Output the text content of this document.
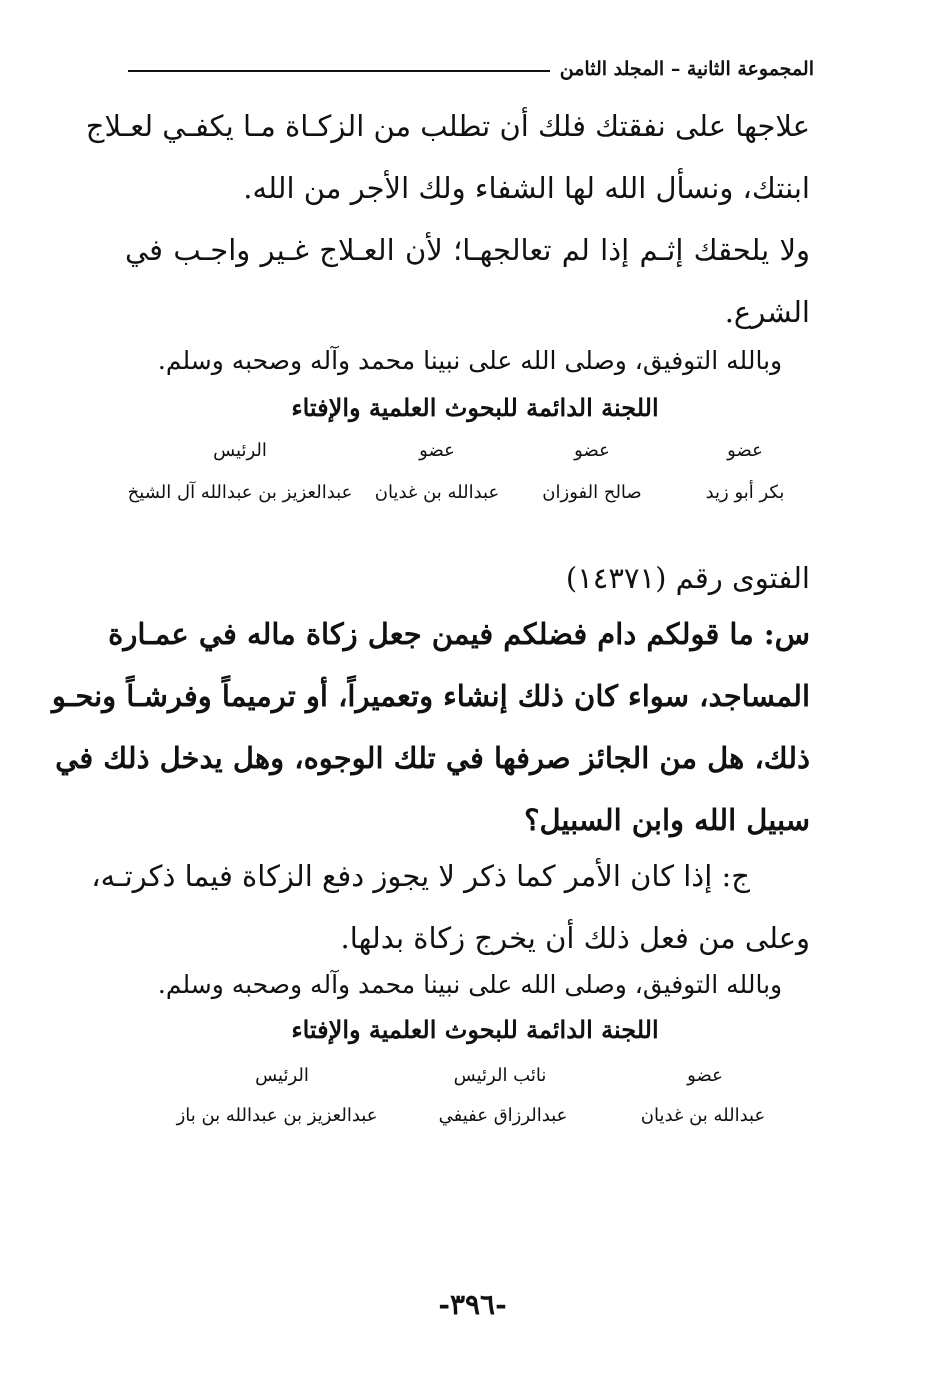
المجموعة الثانية – المجلد الثامن
علاجها على نفقتك فلك أن تطلب من الزكـاة مـا يكفـي لعـلاج
ابنتك، ونسأل الله لها الشفاء ولك الأجر من الله.
ولا يلحقك إثـم إذا لم تعالجهـا؛ لأن العـلاج غـير واجـب في
الشرع.
وبالله التوفيق، وصلى الله على نبينا محمد وآله وصحبه وسلم.
اللجنة الدائمة للبحوث العلمية والإفتاء
عضو
عضو
عضو
الرئيس
بكر أبو زيد
صالح الفوزان
عبدالله بن غديان
عبدالعزيز بن عبدالله آل الشيخ
الفتوى رقم (١٤٣٧١)
س: ما قولكم دام فضلكم فيمن جعل زكاة ماله في عمـارة
المساجد، سواء كان ذلك إنشاء وتعميراً، أو ترميماً وفرشـاً ونحـو
ذلك، هل من الجائز صرفها في تلك الوجوه، وهل يدخل ذلك في
سبيل الله وابن السبيل؟
ج: إذا كان الأمر كما ذكر لا يجوز دفع الزكاة فيما ذكرتـه،
وعلى من فعل ذلك أن يخرج زكاة بدلها.
وبالله التوفيق، وصلى الله على نبينا محمد وآله وصحبه وسلم.
اللجنة الدائمة للبحوث العلمية والإفتاء
عضو
نائب الرئيس
الرئيس
عبدالله بن غديان
عبدالرزاق عفيفي
عبدالعزيز بن عبدالله بن باز
-٣٩٦-
